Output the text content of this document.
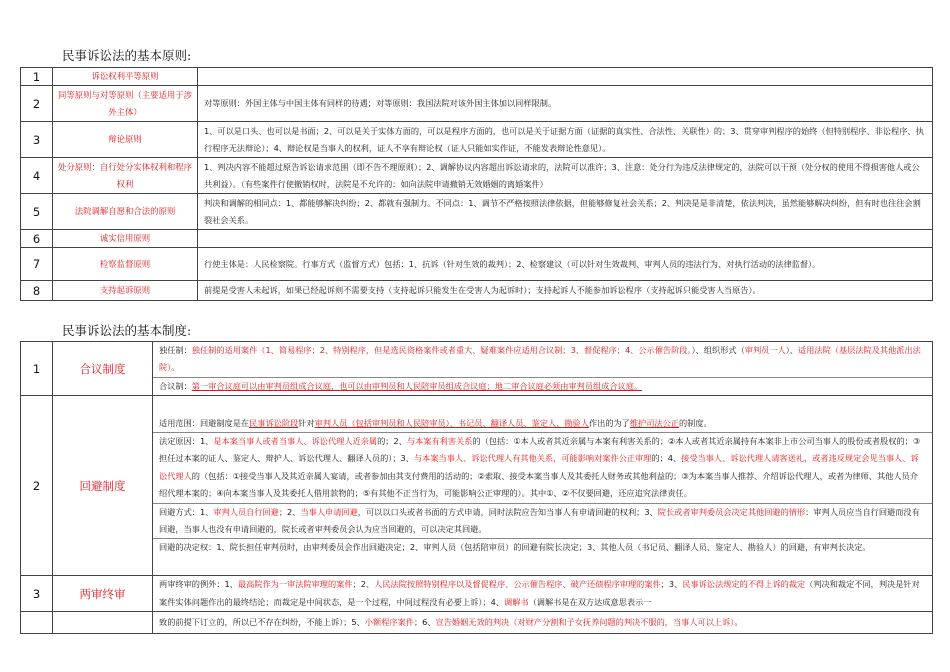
民事诉讼法的基本原则:
1	诉讼权利平等原则	
2	同等原则与对等原则（主要适用于涉外主体）	对等原则：外国主体与中国主体有同样的待遇；对等原则：我国法院对该外国主体加以同样限制。
3	辩论原则	1、可以是口头、也可以是书面；2、可以是关于实体方面的，可以是程序方面的，也可以是关于证据方面（证据的真实性、合法性、关联性）的；3、贯穿审判程序的始终（但特别程序、非讼程序、执行程序无法辩论）；4、辩论权是当事人的权利，证人不享有辩论权（证人只能如实作证，不能发表辩论性意见）。
4	处分原则：自行处分实体权利和程序权利	1、判决内容不能超过原告诉讼请求范围（即不告不理原则）；2、调解协议内容超出诉讼请求的，法院可以准许；3、注意：处分行为违反法律规定的，法院可以干预（处分权的使用不得损害他人或公共利益）。（有些案件行使撤销权时，法院是不允许的：如向法院申请撤销无效婚姻的离婚案件）
5	法院调解自愿和合法的原则	判决和调解的相同点：1、都能够解决纠纷；2、都就有强制力。不同点：1、调节不严格按照法律依据，但能够修复社会关系；2、判决是是非清楚，依法判决，虽然能够解决纠纷，但有时也往往会割裂社会关系。
6	诚实信用原则	
7	检察监督原则	行使主体是：人民检察院。行事方式（监督方式）包括：1、抗诉（针对生效的裁判）；2、检察建议（可以针对生效裁判、审判人员的违法行为、对执行活动的法律监督）。
8	支持起诉原则	前提是受害人未起诉，如果已经起诉则不需要支持（支持起诉只能发生在受害人为起诉时）；支持起诉人不能参加诉讼程序（支持起诉只能受害人当原告）。
民事诉讼法的基本制度:
1	合议制度	独任制：独任制的适用案件（1、简易程序；2、特别程序，但是选民资格案件或者重大、疑难案件应适用合议制；3、督促程序；4、公示催告阶段。）、组织形式（审判员一人）、适用法院（基层法院及其他派出法院）。
合议制：第一审合议庭可以由审判员组成合议庭，也可以由审判员和人民陪审员组成合议庭；地二审合议庭必须由审判员组成合议庭。

2	回避制度	适用范围：回避制度是在民事诉讼阶段针对审判人员（包括审判员和人民陪审员）、书记员、翻译人员、鉴定人、勘验人作出的为了维护司法公正的制度。
法定原因：1、是本案当事人或者当事人、诉讼代理人近亲属的；2、与本案有利害关系的（包括：①本人或者其近亲属与本案有利害关系的；②本人或者其近亲属持有本案非上市公司当事人的股份或者股权的；③担任过本案的证人、鉴定人、辩护人、诉讼代理人、翻译人员的）；3、与本案当事人、诉讼代理人有其他关系，可能影响对案件公正审理的；4、接受当事人、诉讼代理人请客送礼，或者违反规定会见当事人、诉讼代理人的（包括：①接受当事人及其近亲属人宴请，或者参加由其支付费用的活动的；②索取、接受本案当事人及其委托人财务或其他利益的；③为本案当事人推荐、介绍诉讼代理人，或者为律师、其他人员介绍代理本案的；④向本案当事人及其委托人借用款物的；⑤有其他不正当行为，可能影响公正审理的）。其中①、②不仅要回避，还应追究法律责任。
回避方式：1、审判人员自行回避；2、当事人申请回避，可以以口头或者书面的方式申请，同时法院应告知当事人有申请回避的权利；3、院长或者审判委员会决定其他回避的情形：审判人员应当自行回避而没有回避，当事人也没有申请回避的，院长或者审判委员会认为应当回避的，可以决定其回避。
回避的决定权：1、院长担任审判员时，由审判委员会作出回避决定；2、审判人员（包括陪审员）的回避有院长决定；3、其他人员（书记员、翻译人员、鉴定人、勘验人）的回避，有审判长决定。

3	两审终审	两审终审的例外：1、最高院作为一审法院审理的案件；2、人民法院按照特别程序以及督促程序、公示催告程序、破产还债程序审理的案件；3、民事诉讼法规定的不得上诉的裁定（判决和裁定不同，判决是针对案件实体问题作出的最终结论；而裁定是中间状态，是一个过程，中间过程没有必要上诉）；4、调解书（调解书是在双方达成意思表示一

		致的前提下订立的，所以已不存在纠纷，不能上诉）；5、小额程序案件；6、宣告婚姻无效的判决（对财产分割和子女抚养问题的判决不服的，当事人可以上诉）。
